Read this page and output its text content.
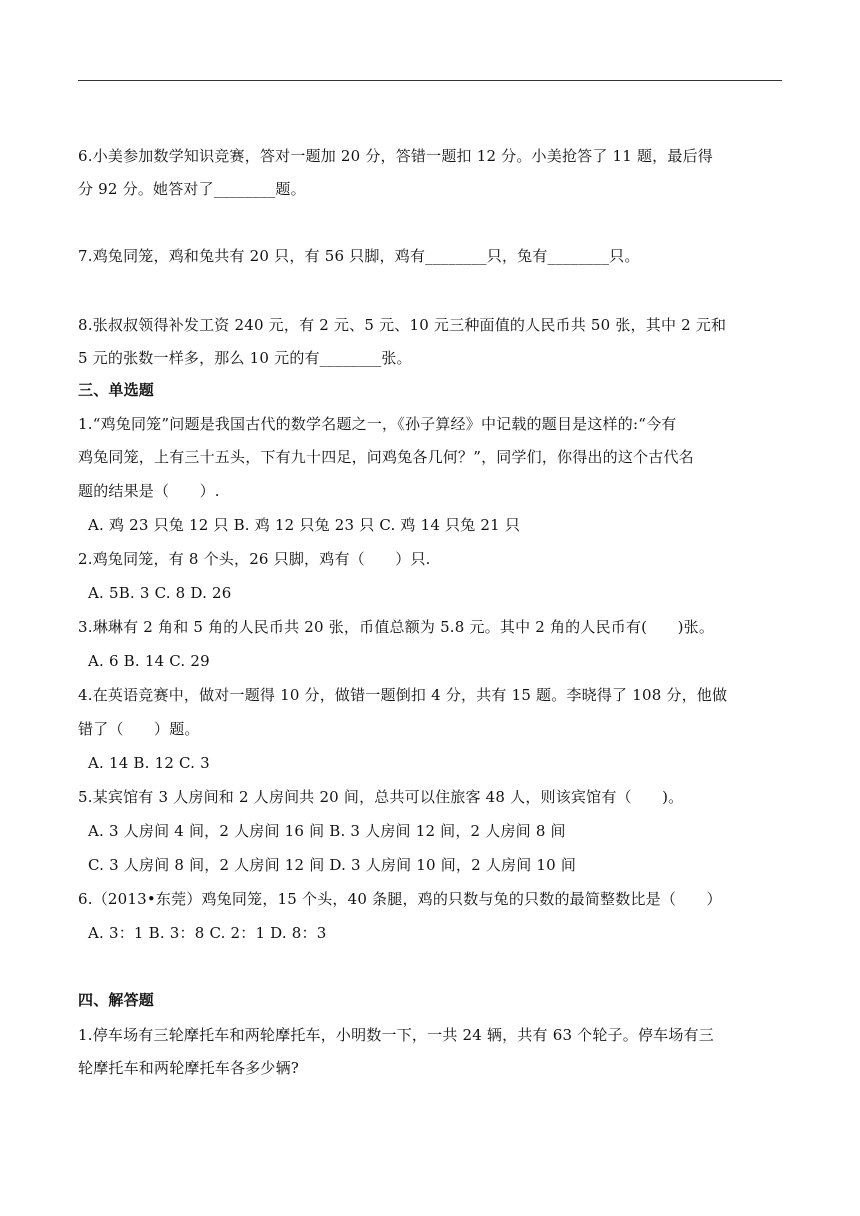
6.小美参加数学知识竞赛，答对一题加 20 分，答错一题扣 12 分。小美抢答了 11 题，最后得
分 92 分。她答对了________题。
7.鸡兔同笼，鸡和兔共有 20 只，有 56 只脚，鸡有________只，兔有________只。
8.张叔叔领得补发工资 240 元，有 2 元、5 元、10 元三种面值的人民币共 50 张，其中 2 元和
5 元的张数一样多，那么 10 元的有________张。
三、单选题
1.“鸡兔同笼”问题是我国古代的数学名题之一，《孙子算经》中记载的题目是这样的:“今有
鸡兔同笼，上有三十五头，下有九十四足，问鸡兔各几何？”，同学们，你得出的这个古代名
题的结果是（　　）.
A. 鸡 23 只兔 12 只 B. 鸡 12 只兔 23 只 C. 鸡 14 只兔 21 只
2.鸡兔同笼，有 8 个头，26 只脚，鸡有（　　）只.
A. 5B. 3 C. 8 D. 26
3.琳琳有 2 角和 5 角的人民币共 20 张，币值总额为 5.8 元。其中 2 角的人民币有(　　)张。
A. 6 B. 14 C. 29
4.在英语竞赛中，做对一题得 10 分，做错一题倒扣 4 分，共有 15 题。李晓得了 108 分，他做
错了（　　）题。
A. 14 B. 12 C. 3
5.某宾馆有 3 人房间和 2 人房间共 20 间，总共可以住旅客 48 人，则该宾馆有（　　)。
A. 3 人房间 4 间，2 人房间 16 间 B. 3 人房间 12 间，2 人房间 8 间
C. 3 人房间 8 间，2 人房间 12 间 D. 3 人房间 10 间，2 人房间 10 间
6.（2013•东莞）鸡兔同笼，15 个头，40 条腿，鸡的只数与兔的只数的最简整数比是（　　）
A. 3：1 B. 3：8 C. 2：1 D. 8：3
四、解答题
1.停车场有三轮摩托车和两轮摩托车，小明数一下，一共 24 辆，共有 63 个轮子。停车场有三
轮摩托车和两轮摩托车各多少辆?
